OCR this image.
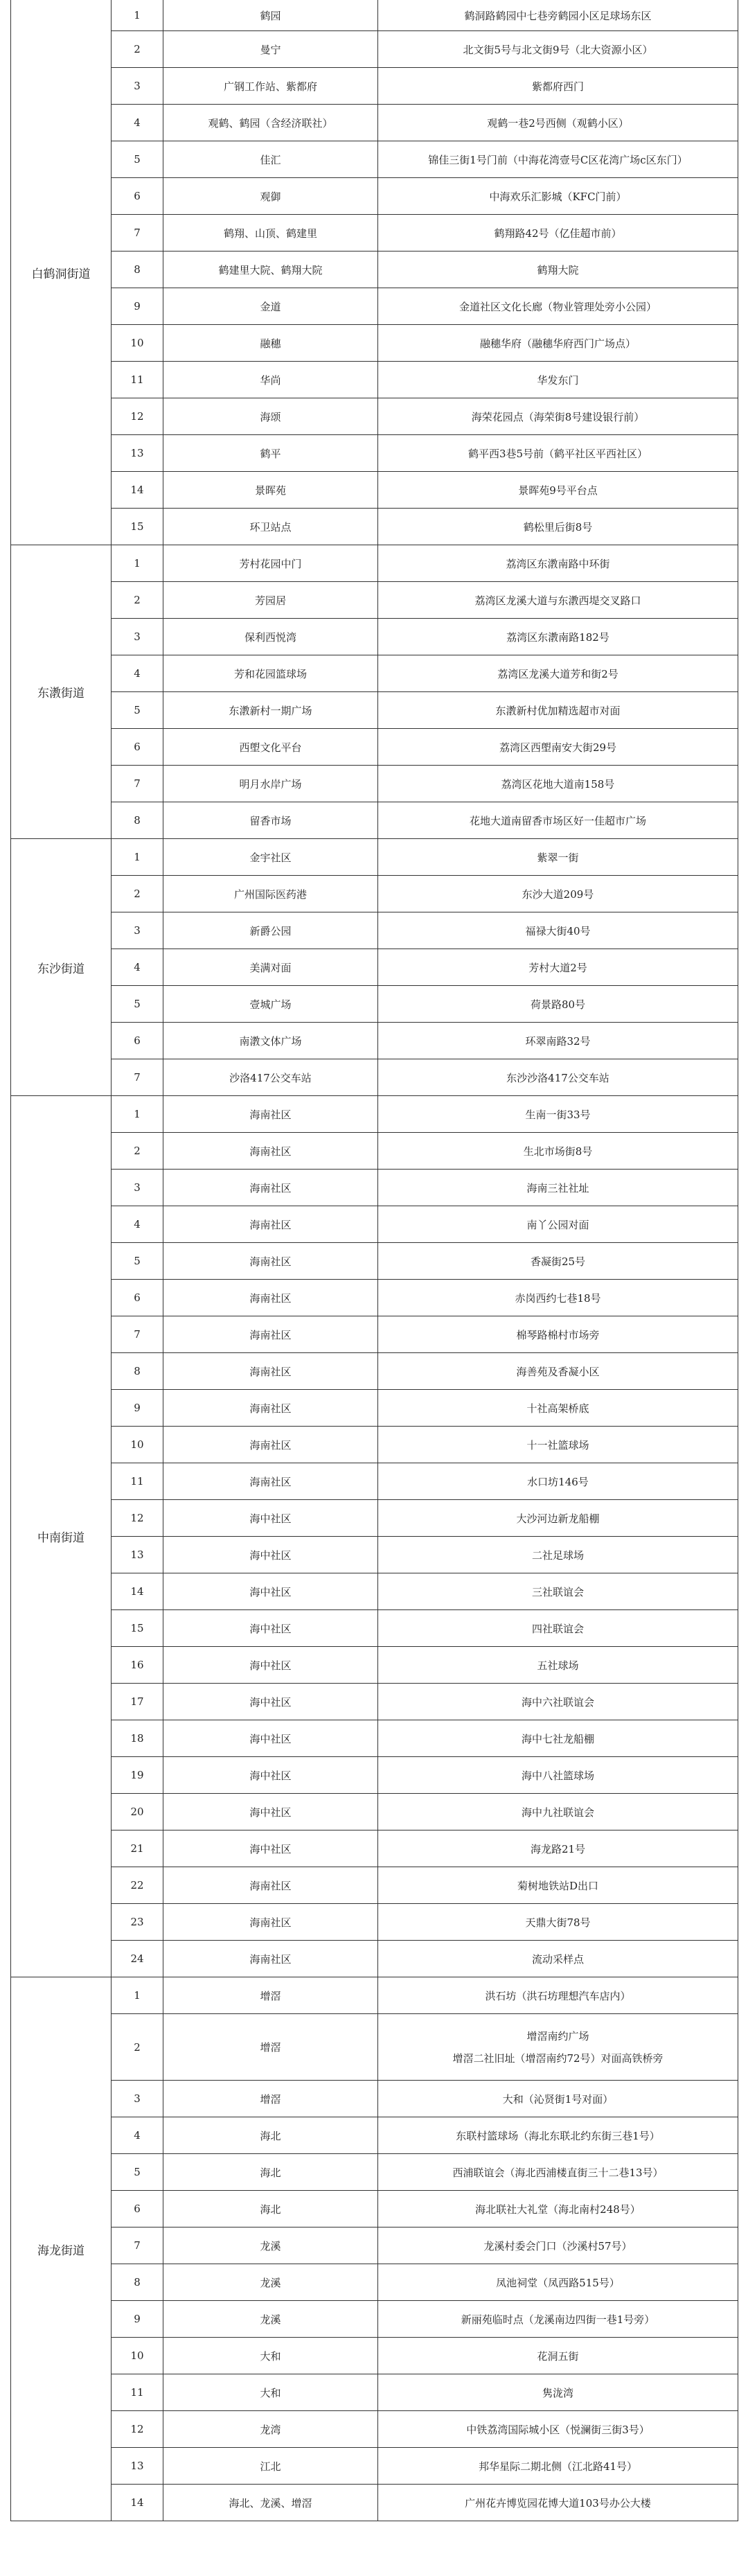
白鹤洞街道	1	鹤园	鹤洞路鹤园中七巷旁鹤园小区足球场东区
	2	曼宁	北文街5号与北文街9号（北大资源小区）
	3	广钢工作站、紫都府	紫都府西门
	4	观鹤、鹤园（含经济联社）	观鹤一巷2号西侧（观鹤小区）
	5	佳汇	锦佳三街1号门前（中海花湾壹号C区花湾广场c区东门）
	6	观御	中海欢乐汇影城（KFC门前）
	7	鹤翔、山顶、鹤建里	鹤翔路42号（亿佳超市前）
	8	鹤建里大院、鹤翔大院	鹤翔大院
	9	金道	金道社区文化长廊（物业管理处旁小公园）
	10	融穗	融穗华府（融穗华府西门广场点）
	11	华尚	华发东门
	12	海颂	海荣花园点（海荣街8号建设银行前）
	13	鹤平	鹤平西3巷5号前（鹤平社区平西社区）
	14	景晖苑	景晖苑9号平台点
	15	环卫站点	鹤松里后街8号
东漖街道	1	芳村花园中门	荔湾区东漖南路中环街
	2	芳园居	荔湾区龙溪大道与东漖西堤交叉路口
	3	保利西悦湾	荔湾区东漖南路182号
	4	芳和花园篮球场	荔湾区龙溪大道芳和街2号
	5	东漖新村一期广场	东漖新村优加精选超市对面
	6	西塱文化平台	荔湾区西塱南安大街29号
	7	明月水岸广场	荔湾区花地大道南158号
	8	留香市场	花地大道南留香市场区好一佳超市广场
东沙街道	1	金宇社区	紫翠一街
	2	广州国际医药港	东沙大道209号
	3	新爵公园	福禄大街40号
	4	美满对面	芳村大道2号
	5	壹城广场	荷景路80号
	6	南漖文体广场	环翠南路32号
	7	沙洛417公交车站	东沙沙洛417公交车站
中南街道	1	海南社区	生南一街33号
	2	海南社区	生北市场街8号
	3	海南社区	海南三社社址
	4	海南社区	南丫公园对面
	5	海南社区	香凝街25号
	6	海南社区	赤岗西约七巷18号
	7	海南社区	棉琴路棉村市场旁
	8	海南社区	海善苑及香凝小区
	9	海南社区	十社高架桥底
	10	海南社区	十一社篮球场
	11	海南社区	水口坊146号
	12	海中社区	大沙河边新龙船棚
	13	海中社区	二社足球场
	14	海中社区	三社联谊会
	15	海中社区	四社联谊会
	16	海中社区	五社球场
	17	海中社区	海中六社联谊会
	18	海中社区	海中七社龙船棚
	19	海中社区	海中八社篮球场
	20	海中社区	海中九社联谊会
	21	海中社区	海龙路21号
	22	海南社区	菊树地铁站D出口
	23	海南社区	天鼎大街78号
	24	海南社区	流动采样点
海龙街道	1	增滘	洪石坊（洪石坊理想汽车店内）
	2	增滘	增滘南约广场
增滘二社旧址（增滘南约72号）对面高铁桥旁

	3	增滘	大和（沁贤街1号对面）
	4	海北	东联村篮球场（海北东联北约东街三巷1号）
	5	海北	西浦联谊会（海北西浦楼直街三十二巷13号）
	6	海北	海北联社大礼堂（海北南村248号）
	7	龙溪	龙溪村委会门口（沙溪村57号）
	8	龙溪	凤池祠堂（凤西路515号）
	9	龙溪	新丽苑临时点（龙溪南边四街一巷1号旁）
	10	大和	花洞五街
	11	大和	隽泷湾
	12	龙湾	中铁荔湾国际城小区（悦澜街三街3号）
	13	江北	邦华星际二期北侧（江北路41号）
	14	海北、龙溪、增滘	广州花卉博览园花博大道103号办公大楼
